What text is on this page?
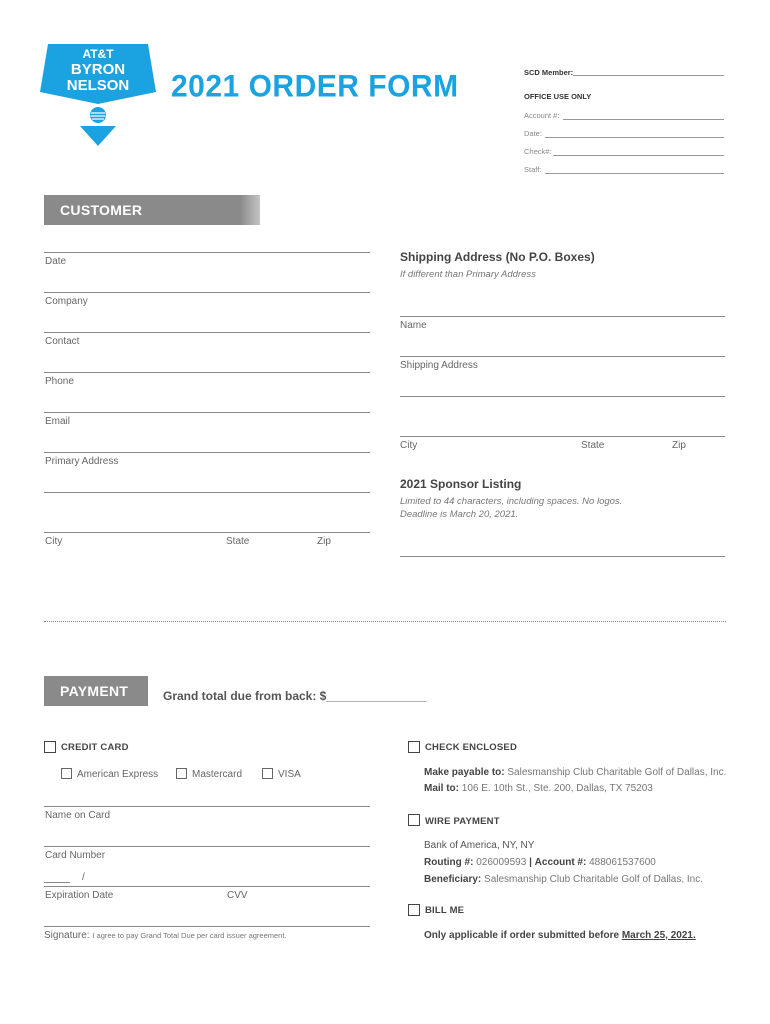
AT&T
BYRON
NELSON	2021 ORDER FORM	SCD Member:
OFFICE USE ONLY
Account #:
Date:
Check#:
Staff:
CUSTOMER INFORMATION
Date
Company
Contact
Phone
Email
Primary Address
City	State	Zip
Shipping Address (No P.O. Boxes)
If different than Primary Address
Name
Shipping Address
City	State	Zip
2021 Sponsor Listing
Limited to 44 characters, including spaces. No logos.
Deadline is March 20, 2021.
PAYMENT	Grand total due from back: $_______________
CREDIT CARD
American Express	Mastercard	VISA
Name on Card
Card Number
/
Expiration Date	CVV
Signature: I agree to pay Grand Total Due per card issuer agreement.
CHECK ENCLOSED
Make payable to: Salesmanship Club Charitable Golf of Dallas, Inc.
Mail to: 106 E. 10th St., Ste. 200, Dallas, TX 75203
WIRE PAYMENT
Bank of America, NY, NY
Routing #: 026009593 | Account #: 488061537600
Beneficiary: Salesmanship Club Charitable Golf of Dallas, Inc.
BILL ME
Only applicable if order submitted before March 25, 2021.
